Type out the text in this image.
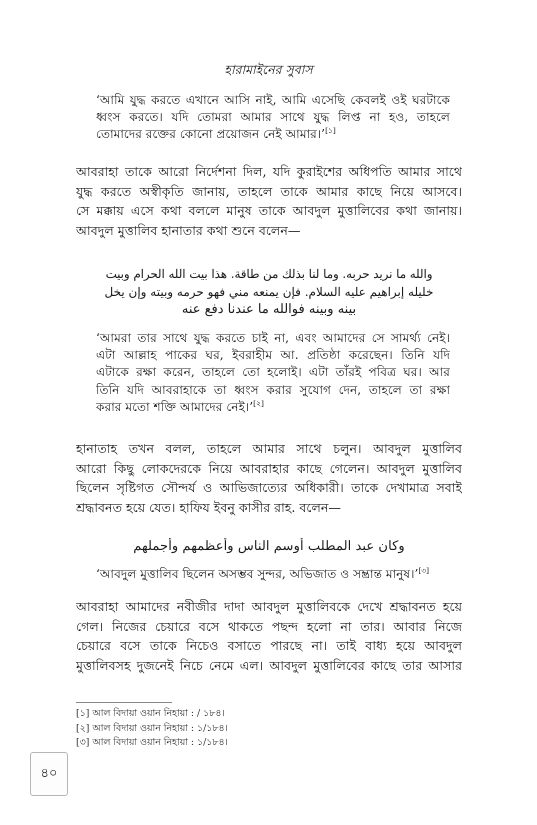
হারামাইনের সুবাস
‘আমি যুদ্ধ করতে এখানে আসি নাই, আমি এসেছি কেবলই ওই ঘরটাকে
ধ্বংস করতে। যদি তোমরা আমার সাথে যুদ্ধ লিপ্ত না হও, তাহলে
তোমাদের রক্তের কোনো প্রয়োজন নেই আমার।’[১]
আবরাহা তাকে আরো নির্দেশনা দিল, যদি কুরাইশের অধিপতি আমার সাথে
যুদ্ধ করতে অস্বীকৃতি জানায়, তাহলে তাকে আমার কাছে নিয়ে আসবে।
সে মক্কায় এসে কথা বললে মানুষ তাকে আবদুল মুত্তালিবের কথা জানায়।
আবদুল মুত্তালিব হানাতার কথা শুনে বলেন—
والله ما نريد حربه. وما لنا بذلك من طاقة. هذا بيت الله الحرام وبيت
خليله إبراهيم عليه السلام. فإن يمنعه مني فهو حرمه وبيته وإن يخل
بينه وبينه فوالله ما عندنا دفع عنه
‘আমরা তার সাথে যুদ্ধ করতে চাই না, এবং আমাদের সে সামর্থ্য নেই।
এটা আল্লাহ পাকের ঘর, ইবরাহীম আ. প্রতিষ্ঠা করেছেন। তিনি যদি
এটাকে রক্ষা করেন, তাহলে তো হলোই। এটা তাঁরই পবিত্র ঘর। আর
তিনি যদি আবরাহাকে তা ধ্বংস করার সুযোগ দেন, তাহলে তা রক্ষা
করার মতো শক্তি আমাদের নেই।’[২]
হানাতাহ তখন বলল, তাহলে আমার সাথে চলুন। আবদুল মুত্তালিব
আরো কিছু লোকদেরকে নিয়ে আবরাহার কাছে গেলেন। আবদুল মুত্তালিব
ছিলেন সৃষ্টিগত সৌন্দর্য ও আভিজাত্যের অধিকারী। তাকে দেখামাত্র সবাই
শ্রদ্ধাবনত হয়ে যেত। হাফিয ইবনু কাসীর রাহ. বলেন—
وكان عبد المطلب أوسم الناس وأعظمهم وأجملهم
‘আবদুল মুত্তালিব ছিলেন অসম্ভব সুন্দর, অভিজাত ও সম্ভ্রান্ত মানুষ।’[৩]
আবরাহা আমাদের নবীজীর দাদা আবদুল মুত্তালিবকে দেখে শ্রদ্ধাবনত হয়ে
গেল। নিজের চেয়ারে বসে থাকতে পছন্দ হলো না তার। আবার নিজে
চেয়ারে বসে তাকে নিচেও বসাতে পারছে না। তাই বাধ্য হয়ে আবদুল
মুত্তালিবসহ দুজনেই নিচে নেমে এল। আবদুল মুত্তালিবের কাছে তার আসার
[১] আল বিদায়া ওয়ান নিহায়া : / ১৮৪।
[২] আল বিদায়া ওয়ান নিহায়া : ১/১৮৪।
[৩] আল বিদায়া ওয়ান নিহায়া : ১/১৮৪।
৪০
